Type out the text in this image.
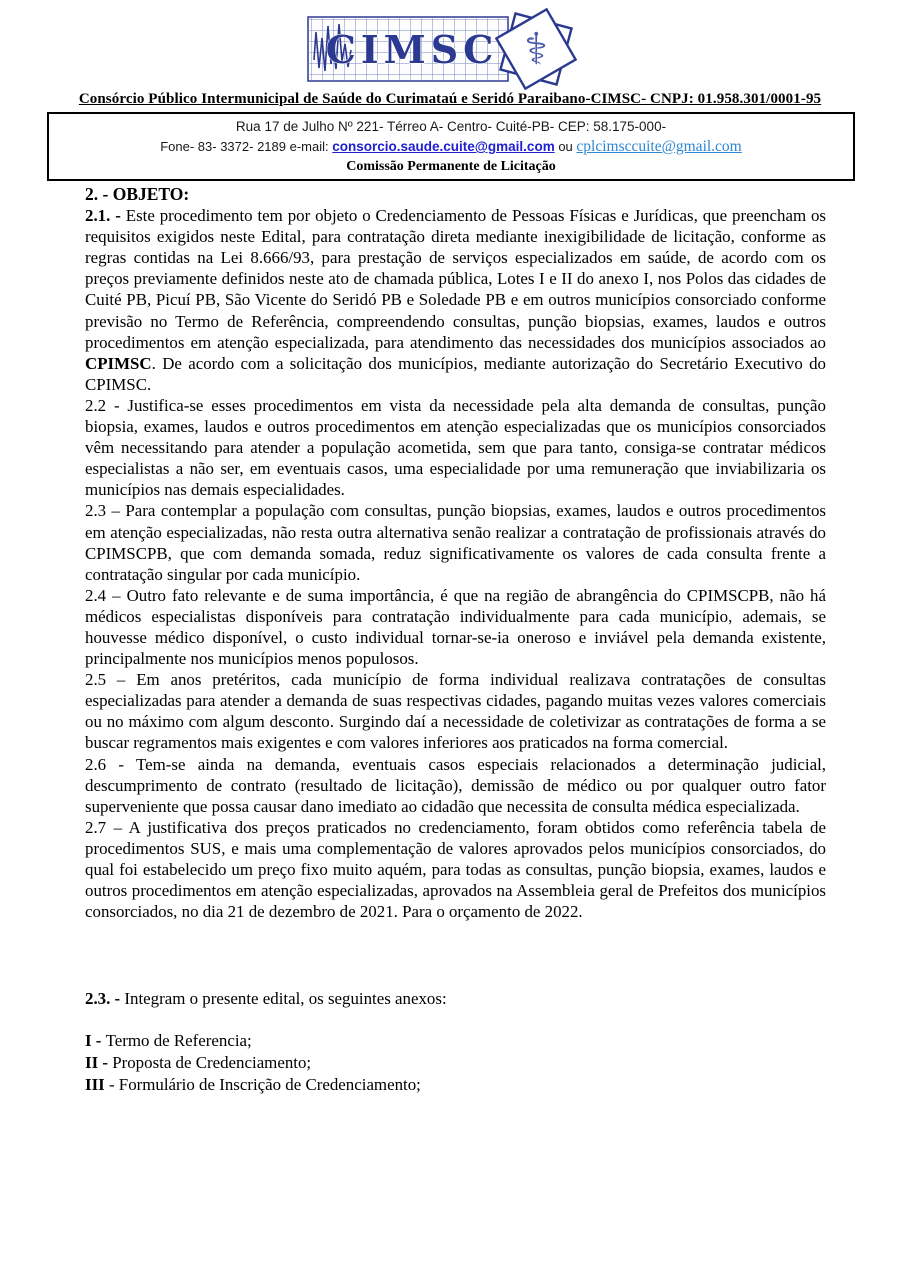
⚕
CIMSC
Consórcio Público Intermunicipal de Saúde do Curimataú e Seridó Paraibano-CIMSC- CNPJ: 01.958.301/0001-95
Rua 17 de Julho Nº 221- Térreo A- Centro- Cuité-PB- CEP: 58.175-000-
Fone- 83- 3372- 2189 e-mail: consorcio.saude.cuite@gmail.com ou cplcimsccuite@gmail.com
Comissão Permanente de Licitação

2. - OBJETO:

2.1. - Este procedimento tem por objeto o Credenciamento de Pessoas Físicas e Jurídicas, que preencham os requisitos exigidos neste Edital, para contratação direta mediante inexigibilidade de licitação, conforme as regras contidas na Lei 8.666/93, para prestação de serviços especializados em saúde, de acordo com os preços previamente definidos neste ato de chamada pública, Lotes I e II do anexo I, nos Polos das cidades de Cuité PB, Picuí PB, São Vicente do Seridó PB e Soledade PB e em outros municípios consorciado conforme previsão no Termo de Referência, compreendendo consultas, punção biopsias, exames, laudos e outros procedimentos em atenção especializada, para atendimento das necessidades dos municípios associados ao CPIMSC. De acordo com a solicitação dos municípios, mediante autorização do Secretário Executivo do CPIMSC.

2.2 - Justifica-se esses procedimentos em vista da necessidade pela alta demanda de consultas, punção biopsia, exames, laudos e outros procedimentos em atenção especializadas que os municípios consorciados vêm necessitando para atender a população acometida, sem que para tanto, consiga-se contratar médicos especialistas a não ser, em eventuais casos, uma especialidade por uma remuneração que inviabilizaria os municípios nas demais especialidades.

2.3 – Para contemplar a população com consultas, punção biopsias, exames, laudos e outros procedimentos em atenção especializadas, não resta outra alternativa senão realizar a contratação de profissionais através do CPIMSCPB, que com demanda somada, reduz significativamente os valores de cada consulta frente a contratação singular por cada município.

2.4 – Outro fato relevante e de suma importância, é que na região de abrangência do CPIMSCPB, não há médicos especialistas disponíveis para contratação individualmente para cada município, ademais, se houvesse médico disponível, o custo individual tornar-se-ia oneroso e inviável pela demanda existente, principalmente nos municípios menos populosos.

2.5 – Em anos pretéritos, cada município de forma individual realizava contratações de consultas especializadas para atender a demanda de suas respectivas cidades, pagando muitas vezes valores comerciais ou no máximo com algum desconto. Surgindo daí a necessidade de coletivizar as contratações de forma a se buscar regramentos mais exigentes e com valores inferiores aos praticados na forma comercial.

2.6 - Tem-se ainda na demanda, eventuais casos especiais relacionados a determinação judicial, descumprimento de contrato (resultado de licitação), demissão de médico ou por qualquer outro fator superveniente que possa causar dano imediato ao cidadão que necessita de consulta médica especializada.

2.7 – A justificativa dos preços praticados no credenciamento, foram obtidos como referência tabela de procedimentos SUS, e mais uma complementação de valores aprovados pelos municípios consorciados, do qual foi estabelecido um preço fixo muito aquém, para todas as consultas, punção biopsia, exames, laudos e outros procedimentos em atenção especializadas, aprovados na Assembleia geral de Prefeitos dos municípios consorciados, no dia 21 de dezembro de 2021. Para o orçamento de 2022.

2.3. - Integram o presente edital, os seguintes anexos:

I - Termo de Referencia;

II - Proposta de Credenciamento;

III - Formulário de Inscrição de Credenciamento;
